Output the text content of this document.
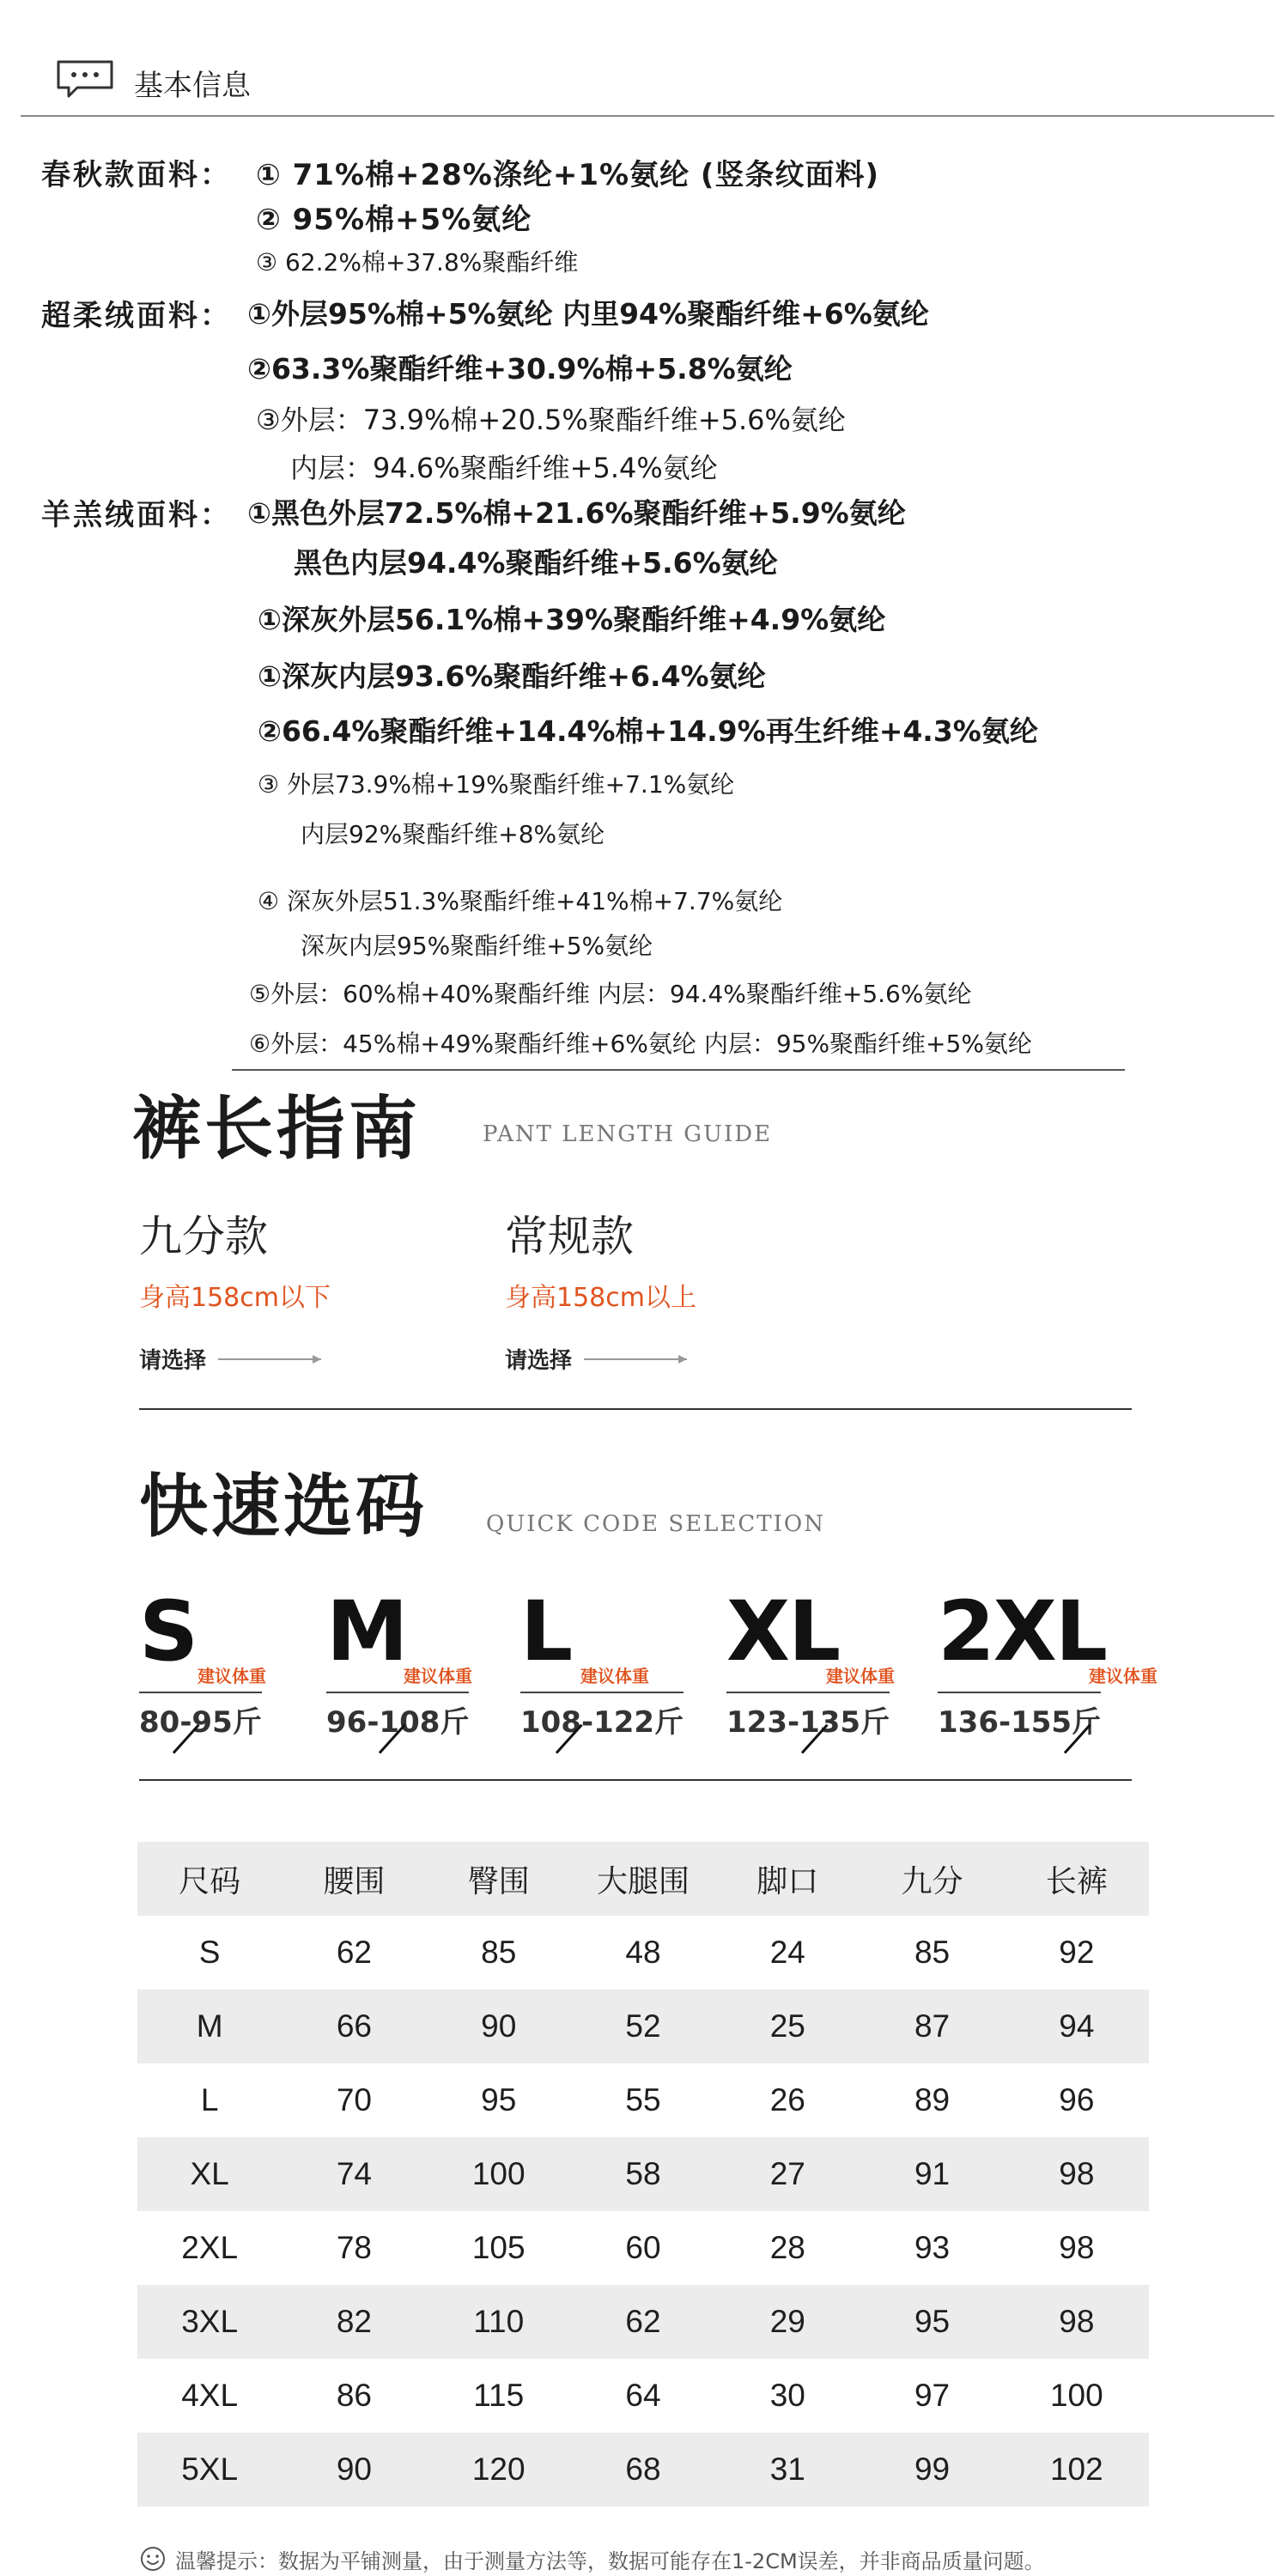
基本信息
春秋款面料： ① 71%棉+28%涤纶+1%氨纶 (竖条纹面料)
② 95%棉+5%氨纶
③ 62.2%棉+37.8%聚酯纤维
超柔绒面料： ①外层95%棉+5%氨纶 内里94%聚酯纤维+6%氨纶
②63.3%聚酯纤维+30.9%棉+5.8%氨纶
③外层：73.9%棉+20.5%聚酯纤维+5.6%氨纶
内层：94.6%聚酯纤维+5.4%氨纶
羊羔绒面料： ①黑色外层72.5%棉+21.6%聚酯纤维+5.9%氨纶
黑色内层94.4%聚酯纤维+5.6%氨纶
①深灰外层56.1%棉+39%聚酯纤维+4.9%氨纶
①深灰内层93.6%聚酯纤维+6.4%氨纶
②66.4%聚酯纤维+14.4%棉+14.9%再生纤维+4.3%氨纶
③ 外层73.9%棉+19%聚酯纤维+7.1%氨纶
内层92%聚酯纤维+8%氨纶
④ 深灰外层51.3%聚酯纤维+41%棉+7.7%氨纶
深灰内层95%聚酯纤维+5%氨纶
⑤外层：60%棉+40%聚酯纤维 内层：94.4%聚酯纤维+5.6%氨纶
⑥外层：45%棉+49%聚酯纤维+6%氨纶 内层：95%聚酯纤维+5%氨纶
裤长指南	PANT LENGTH GUIDE
九分款
身高158cm以下
请选择
常规款
身高158cm以上
请选择
快速选码	QUICK CODE SELECTION
S 建议体重
80-95斤
M
建议体重
96-108斤
L 建议体重
108-122斤
XL
建议体重
123-135斤
2XL
建议体重
136-155斤
尺码	腰围	臀围	大腿围	脚口	九分	长裤
S	62	85	48	24	85	92
M	66	90	52	25	87	94
L	70	95	55	26	89	96
XL	74	100	58	27	91	98
2XL	78	105	60	28	93	98
3XL	82	110	62	29	95	98
4XL	86	115	64	30	97	100
5XL	90	120	68	31	99	102
温馨提示：数据为平铺测量，由于测量方法等，数据可能存在1-2CM误差，并非商品质量问题。
